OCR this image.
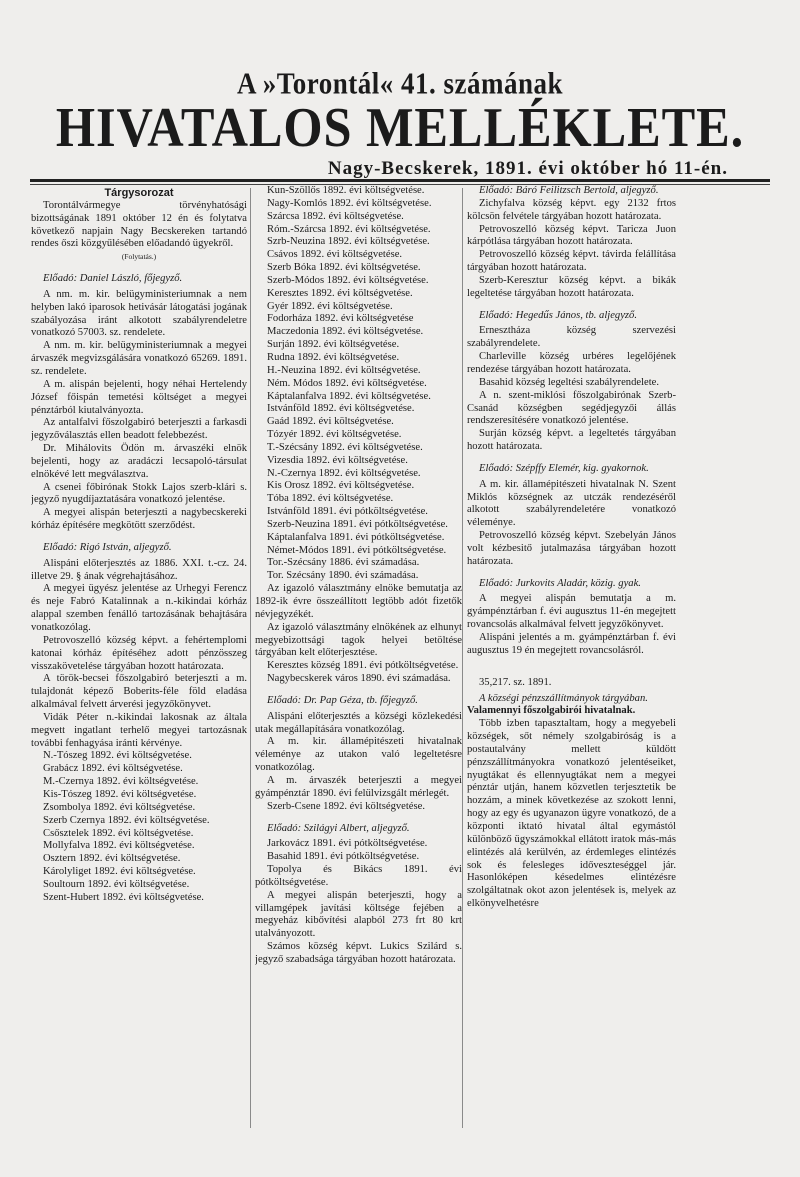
A »Torontál« 41. számának
HIVATALOS MELLÉKLETE.
Nagy-Becskerek, 1891. évi október hó 11-én.

Tárgysorozat

Torontálvármegye törvényhatósági bizottságának 1891 október 12 én és folytatva következő napjain Nagy Becskereken tartandó rendes őszi közgyűlésében előadandó ügyekről.

(Folytatás.)

Előadó: Daniel László, főjegyző.

A nm. m. kir. belügyministeriumnak a nem helyben lakó iparosok hetivásár látogatási jogának szabályozása iránt alkotott szabályrendeletre vonatkozó 57003. sz. rendelete.

A nm. m. kir. belügyministeriumnak a megyei árvaszék megvizsgálására vonatkozó 65269. 1891. sz. rendelete.

A m. alispán bejelenti, hogy néhai Hertelendy József főispán temetési költséget a megyei pénztárból kiutalványozta.

Az antalfalvi főszolgabiró beterjeszti a farkasdi jegyzőválasztás ellen beadott felebbezést.

Dr. Mihálovits Ödön m. árvaszéki elnök bejelenti, hogy az aradáczi lecsapoló-társulat elnökévé lett megválasztva.

A csenei főbirónak Stokk Lajos szerb-klári s. jegyző nyugdíjaztatására vonatkozó jelentése.

A megyei alispán beterjeszti a nagybecskereki kórház építésére megkötött szerződést.

Előadó: Rigó István, aljegyző.

Alispáni előterjesztés az 1886. XXI. t.-cz. 24. illetve 29. § ának végrehajtásához.

A megyei ügyész jelentése az Urhegyi Ferencz és neje Fabró Katalinnak a n.-kikindai kórház alappal szemben fenálló tartozásának behajtására vonatkozólag.

Petrovoszelló község képvt. a fehértemplomi katonai kórház építéséhez adott pénzösszeg visszakövetelése tárgyában hozott határozata.

A török-becsei főszolgabiró beterjeszti a m. tulajdonát képező Boberits-féle föld eladása alkalmával felvett árverési jegyzőkönyvet.

Vidák Péter n.-kikindai lakosnak az általa megvett ingatlant terhelő megyei tartozásnak további fenhagyása iránti kérvénye.

N.-Tószeg 1892. évi költségvetése.

Grabácz 1892. évi költségvetése.

M.-Czernya 1892. évi költségvetése.

Kis-Tószeg 1892. évi költségvetése.

Zsombolya 1892. évi költségvetése.

Szerb Czernya 1892. évi költségvetése.

Csősztelek 1892. évi költségvetése.

Mollyfalva 1892. évi költségvetése.

Osztern 1892. évi költségvetése.

Károlyliget 1892. évi költségvetése.

Soultourn 1892. évi költségvetése.

Szent-Hubert 1892. évi költségvetése.

Kun-Szöllős 1892. évi költségvetése.

Nagy-Komlós 1892. évi költségvetése.

Szárcsa 1892. évi költségvetése.

Róm.-Szárcsa 1892. évi költségvetése.

Szrb-Neuzina 1892. évi költségvetése.

Csávos 1892. évi költségvetése.

Szerb Bóka 1892. évi költségvetése.

Szerb-Módos 1892. évi költségvetése.

Keresztes 1892. évi költségvetése.

Gyér 1892. évi költségvetése.

Fodorháza 1892. évi költségvetése

Maczedonia 1892. évi költségvetése.

Surján 1892. évi költségvetése.

Rudna 1892. évi költségvetése.

H.-Neuzina 1892. évi költségvetése.

Ném. Módos 1892. évi költségvetése.

Káptalanfalva 1892. évi költségvetése.

Istvánföld 1892. évi költségvetése.

Gaád 1892. évi költségvetése.

Tózyér 1892. évi költségvetése.

T.-Szécsány 1892. évi költségvetése.

Vizesdia 1892. évi költségvetése.

N.-Czernya 1892. évi költségvetése.

Kis Orosz 1892. évi költségvetése.

Tóba 1892. évi költségvetése.

Istvánföld 1891. évi pótköltségvetése.

Szerb-Neuzina 1891. évi pótköltségvetése.

Káptalanfalva 1891. évi pótköltségvetése.

Német-Módos 1891. évi pótköltségvetése.

Tor.-Szécsány 1886. évi számadása.

Tor. Szécsány 1890. évi számadása.

Az igazoló választmány elnöke bemutatja az 1892-ik évre összeállított legtöbb adót fizetők névjegyzékét.

Az igazoló választmány elnökének az elhunyt megyebizottsági tagok helyei betöltése tárgyában kelt előterjesztése.

Keresztes község 1891. évi pótköltségvetése.

Nagybecskerek város 1890. évi számadása.

Előadó: Dr. Pap Géza, tb. főjegyző.

Alispáni előterjesztés a községi közlekedési utak megállapítására vonatkozólag.

A m. kir. államépitészeti hivatalnak véleménye az utakon való legeltetésre vonatkozólag.

A m. árvaszék beterjeszti a megyei gyámpénztár 1890. évi felülvizsgált mérlegét.

Szerb-Csene 1892. évi költségvetése.

Előadó: Szilágyi Albert, aljegyző.

Jarkovácz 1891. évi pótköltségvetése.

Basahid 1891. évi pótköltségvetése.

Topolya és Bikács 1891. évi pótköltségvetése.

A megyei alispán beterjeszti, hogy a villamgépek javítási költsége fejében a megyeház kibővítési alapból 273 frt 80 krt utalványozott.

Számos község képvt. Lukics Szilárd s. jegyző szabadsága tárgyában hozott határozata.

Előadó: Báró Feilitzsch Bertold, aljegyző.

Zichyfalva község képvt. egy 2132 frtos kölcsön felvétele tárgyában hozott határozata.

Petrovoszelló község képvt. Taricza Juon kárpótlása tárgyában hozott határozata.

Petrovoszelló község képvt. távirda felállítása tárgyában hozott határozata.

Szerb-Keresztur község képvt. a bikák legeltetése tárgyában hozott határozata.

Előadó: Hegedűs János, tb. aljegyző.

Ernesztháza község szervezési szabályrendelete.

Charleville község urbéres legelőjének rendezése tárgyában hozott határozata.

Basahid község legeltési szabályrendelete.

A n. szent-miklósi főszolgabirónak Szerb-Csanád községben segédjegyzői állás rendszeresítésére vonatkozó jelentése.

Surján község képvt. a legeltetés tárgyában hozott határozata.

Előadó: Szépffy Elemér, kig. gyakornok.

A m. kir. államépitészeti hivatalnak N. Szent Miklós községnek az utczák rendezéséről alkotott szabályrendeletére vonatkozó véleménye.

Petrovoszelló község képvt. Szebelyán János volt kézbesitő jutalmazása tárgyában hozott határozata.

Előadó: Jurkovits Aladár, közig. gyak.

A megyei alispán bemutatja a m. gyámpénztárban f. évi augusztus 11-én megejtett rovancsolás alkalmával felvett jegyzőkönyvet.

Alispáni jelentés a m. gyámpénztárban f. évi augusztus 19 én megejtett rovancsolásról.

35,217. sz. 1891.

A községi pénzszállítmányok tárgyában.

Valamennyi főszolgabirói hivatalnak.

Több izben tapasztaltam, hogy a megyebeli községek, sőt némely szolgabiróság is a postautalvány mellett küldött pénzszállítmányokra vonatkozó jelentéseiket, nyugtákat és ellennyugtákat nem a megyei pénztár utján, hanem közvetlen terjesztetik be hozzám, a minek következése az szokott lenni, hogy az egy és ugyanazon ügyre vonatkozó, de a központi iktató hivatal által egymástól különböző ügyszámokkal ellátott iratok más-más elintézés alá kerülvén, az érdemleges elintézés sok és felesleges időveszteséggel jár. Hasonlóképen késedelmes elintézésre szolgáltatnak okot azon jelentések is, melyek az elkönyvelhetésre
